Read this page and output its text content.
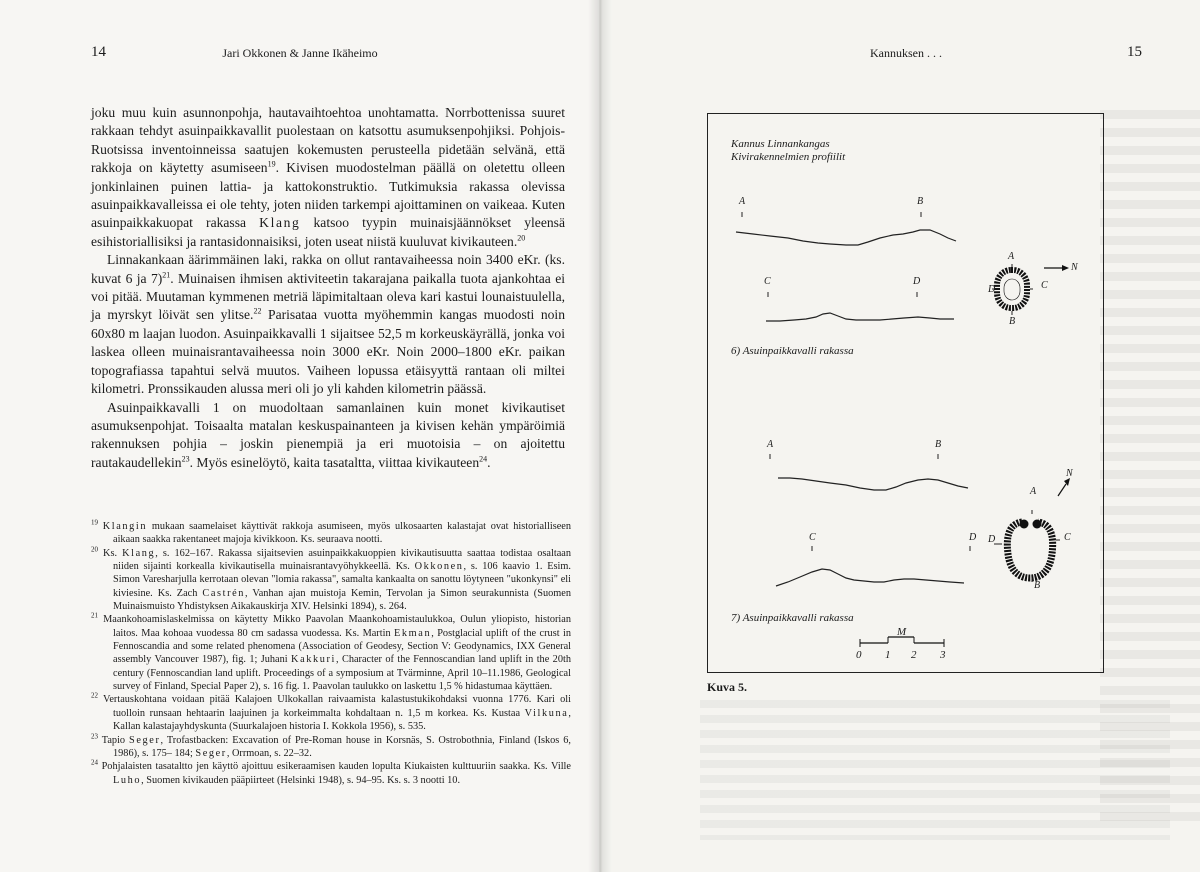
14	Jari Okkonen & Janne Ikäheimo

joku muu kuin asunnonpohja, hautavaihtoehtoa unohtamatta. Norrbottenissa suuret rakkaan tehdyt asuinpaikkavallit puolestaan on katsottu asumuksenpohjiksi. Pohjois-Ruotsissa inventoinneissa saatujen kokemusten perusteella pidetään selvänä, että rakkoja on käytetty asumiseen$^{19}$. Kivisen muodostelman päällä on oletettu olleen jonkinlainen puinen lattia- ja kattokonstruktio. Tutkimuksia rakassa olevissa asuinpaikkavalleissa ei ole tehty, joten niiden tarkempi ajoittaminen on vaikeaa. Kuten asuinpaikkakuopat rakassa Klang katsoo tyypin muinaisjäännökset yleensä esihistoriallisiksi ja rantasidonnaisiksi, joten useat niistä kuuluvat kivikauteen.$^{20}$

Linnakankaan äärimmäinen laki, rakka on ollut rantavaiheessa noin 3400 eKr. (ks. kuvat 6 ja 7)$^{21}$. Muinaisen ihmisen aktiviteetin takarajana paikalla tuota ajankohtaa ei voi pitää. Muutaman kymmenen metriä läpimitaltaan oleva kari kastui lounaistuulella, ja myrskyt löivät sen ylitse.$^{22}$ Parisataa vuotta myöhemmin kangas muodosti noin 60x80 m laajan luodon. Asuinpaikkavalli 1 sijaitsee 52,5 m korkeuskäyrällä, jonka voi laskea olleen muinaisrantavaiheessa noin 3000 eKr. Noin 2000–1800 eKr. paikan topografiassa tapahtui selvä muutos. Vaiheen lopussa etäisyyttä rantaan oli miltei kilometri. Pronssikauden alussa meri oli jo yli kahden kilometrin päässä.

Asuinpaikkavalli 1 on muodoltaan samanlainen kuin monet kivikautiset asumuksenpohjat. Toisaalta matalan keskuspainanteen ja kivisen kehän ympäröimiä rakennuksen pohjia – joskin pienempiä ja eri muotoisia – on ajoitettu rautakaudellekin$^{23}$. Myös esinelöytö, kaita tasataltta, viittaa kivikauteen$^{24}$.

$^{19}$ Klangin mukaan saamelaiset käyttivät rakkoja asumiseen, myös ulkosaarten kalastajat ovat historialliseen aikaan saakka rakentaneet majoja kivikkoon. Ks. seuraava nootti.

$^{20}$ Ks. Klang, s. 162–167. Rakassa sijaitsevien asuinpaikkakuoppien kivikautisuutta saattaa todistaa osaltaan niiden sijainti korkealla kivikautisella muinaisrantavyöhykkeellä. Ks. Okkonen, s. 106 kaavio 1. Esim. Simon Varesharjulla kerrotaan olevan "lomia rakassa", samalta kankaalta on sanottu löytyneen "ukonkynsi" eli kiviesine. Ks. Zach Castrén, Vanhan ajan muistoja Kemin, Tervolan ja Simon seurakunnista (Suomen Muinaismuisto Yhdistyksen Aikakauskirja XIV. Helsinki 1894), s. 264.

$^{21}$ Maankohoamislaskelmissa on käytetty Mikko Paavolan Maankohoamistaulukkoa, Oulun yliopisto, historian laitos. Maa kohoaa vuodessa 80 cm sadassa vuodessa. Ks. Martin Ekman, Postglacial uplift of the crust in Fennoscandia and some related phenomena (Association of Geodesy, Section V: Geodynamics, IXX General assembly Vancouver 1987), fig. 1; Juhani Kakkuri, Character of the Fennoscandian land uplift in the 20th century (Fennoscandian land uplift. Proceedings of a symposium at Tvärminne, April 10–11.1986, Geological survey of Finland, Special Paper 2), s. 16 fig. 1. Paavolan taulukko on laskettu 1,5 % hidastumaa käyttäen.

$^{22}$ Vertauskohtana voidaan pitää Kalajoen Ulkokallan raivaamista kalastustukikohdaksi vuonna 1776. Kari oli tuolloin runsaan hehtaarin laajuinen ja korkeimmalta kohdaltaan n. 1,5 m korkea. Ks. Kustaa Vilkuna, Kallan kalastajayhdyskunta (Suurkalajoen historia I. Kokkola 1956), s. 535.

$^{23}$ Tapio Seger, Trofastbacken: Excavation of Pre-Roman house in Korsnäs, S. Ostrobothnia, Finland (Iskos 6, 1986), s. 175– 184; Seger, Orrmoan, s. 22–32.

$^{24}$ Pohjalaisten tasataltto jen käyttö ajoittuu esikeraamisen kauden lopulta Kiukaisten kulttuuriin saakka. Ks. Ville Luho, Suomen kivikauden pääpiirteet (Helsinki 1948), s. 94–95. Ks. s. 3 nootti 10.

Kannuksen . . .	15
Kannus Linnankangas
Kivirakennelmien profiilit
A	B
C	D
A
D	C
B
N
6) Asuinpaikkavalli rakassa
A	B
C	D
A
D	C
B
N
7) Asuinpaikkavalli rakassa
M
0 1 2 3
Kuva 5.
